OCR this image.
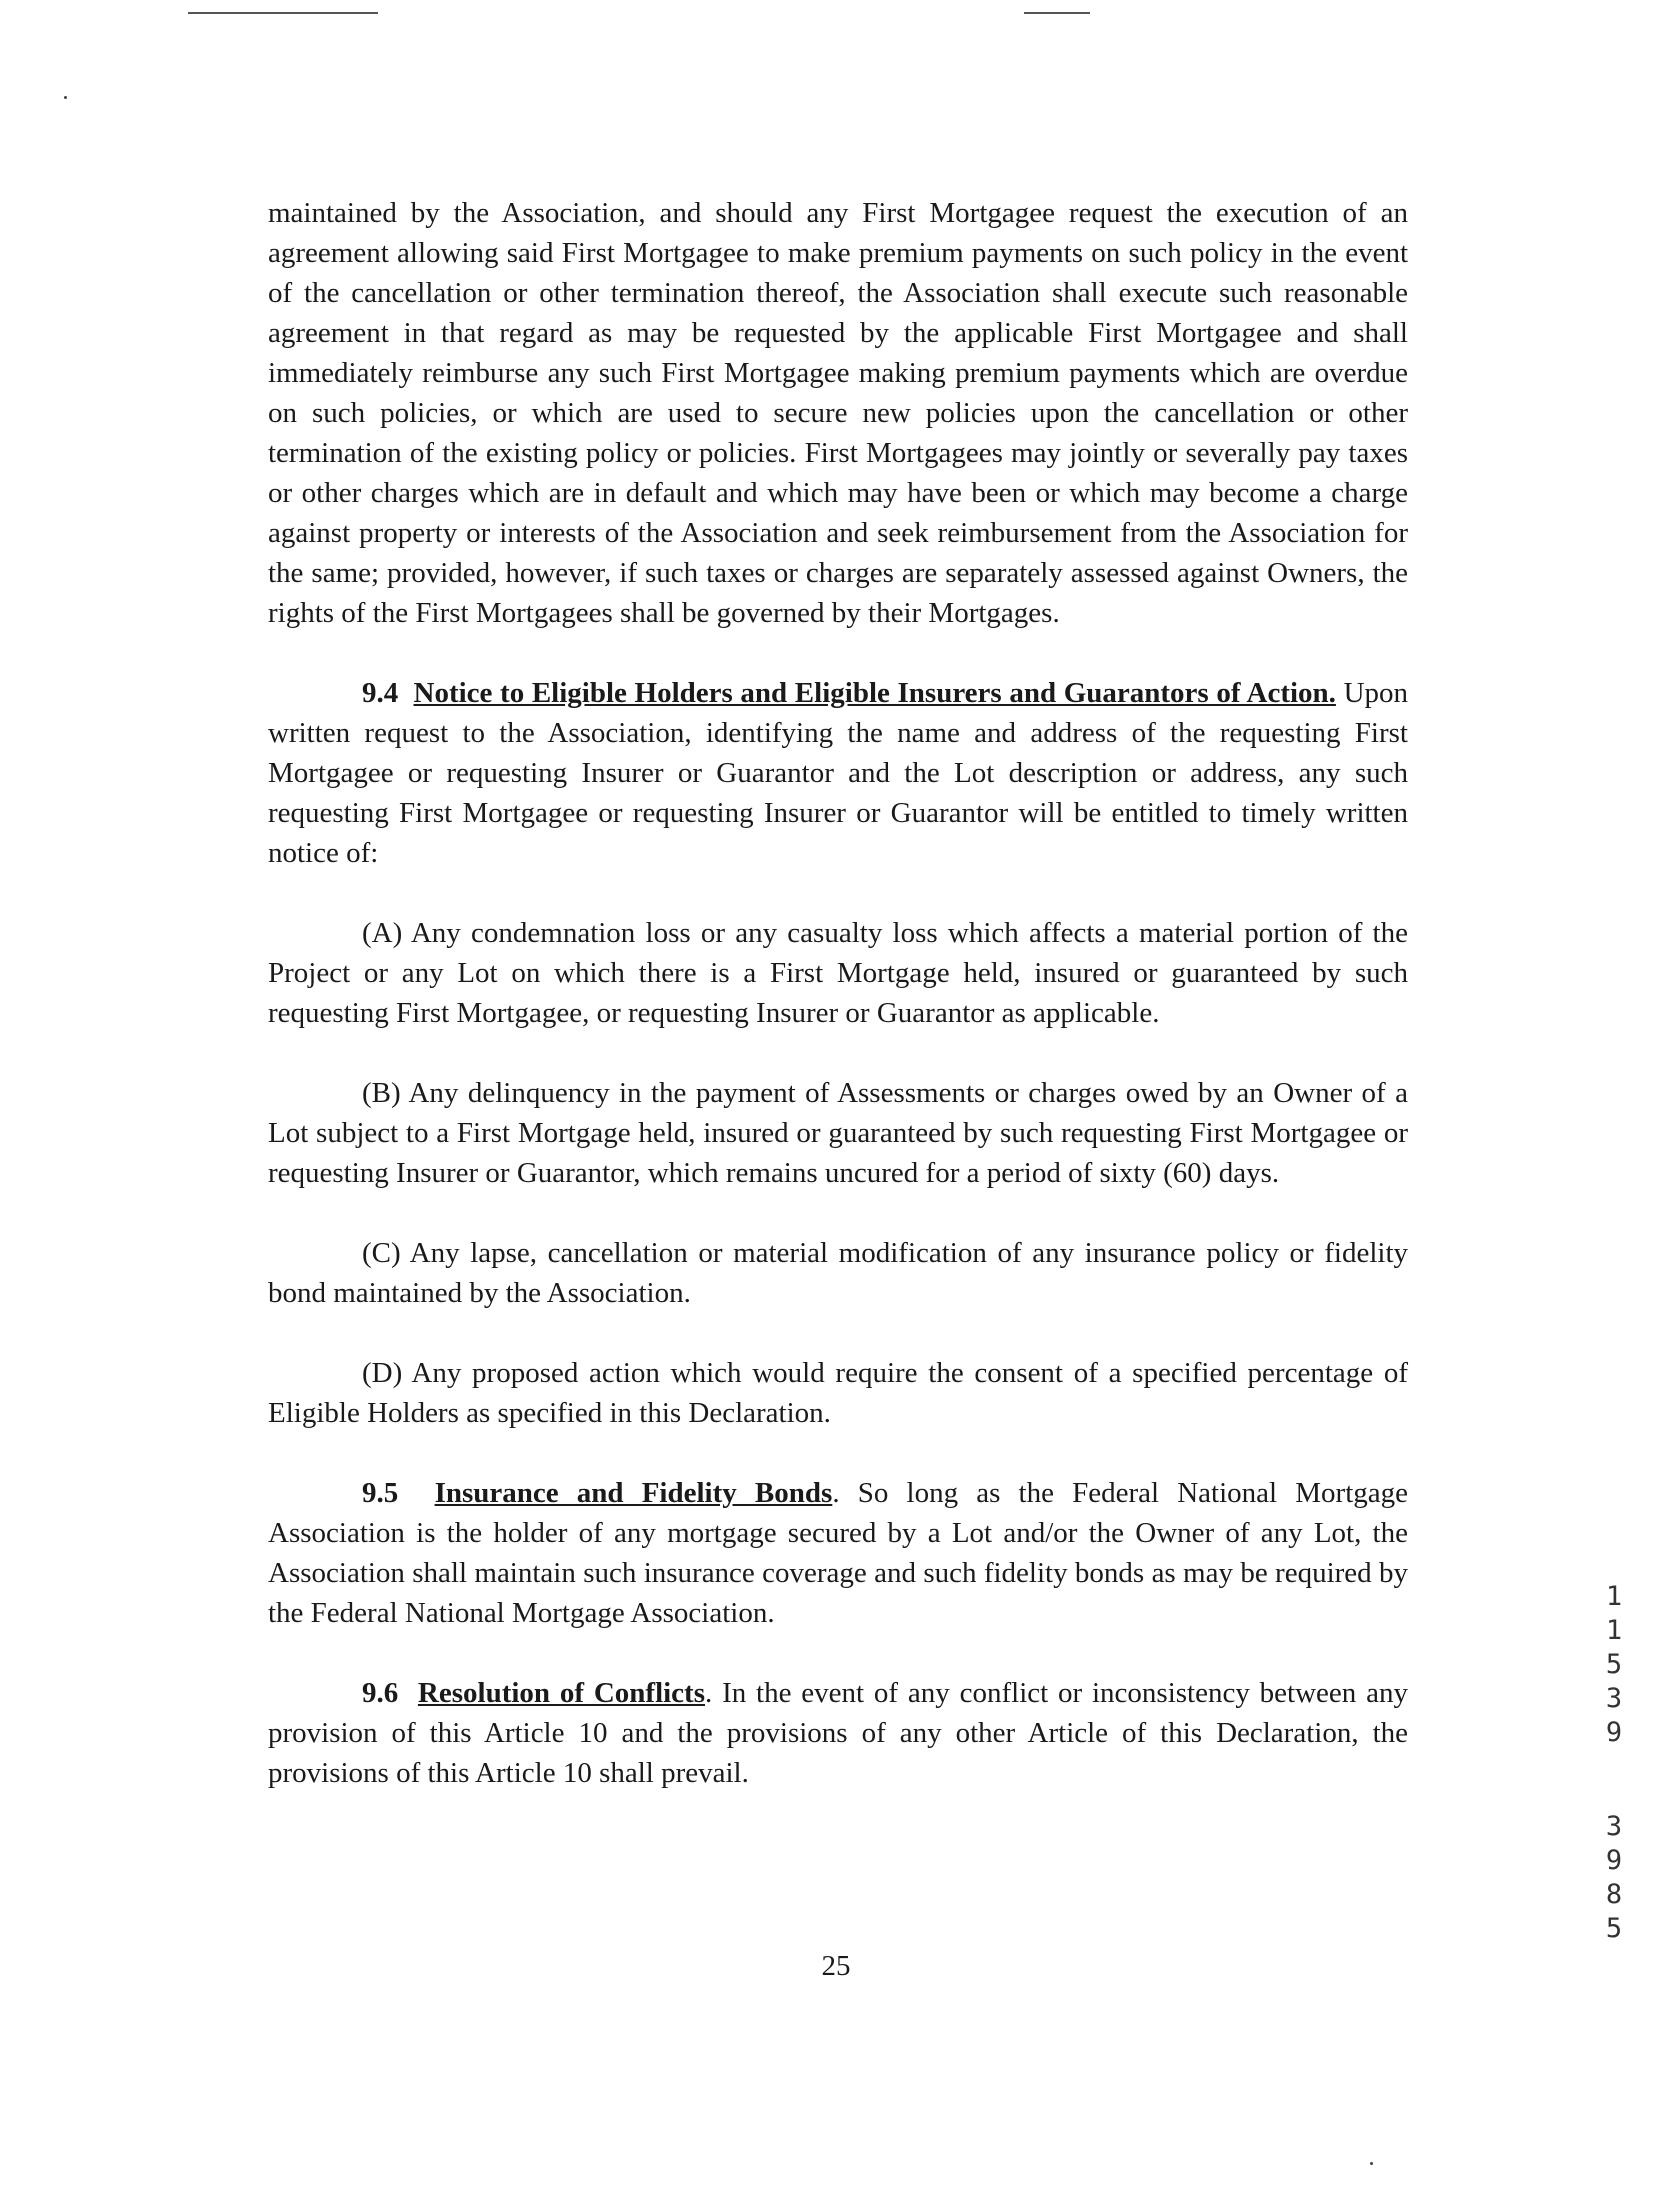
maintained by the Association, and should any First Mortgagee request the execution of an agreement allowing said First Mortgagee to make premium payments on such policy in the event of the cancellation or other termination thereof, the Association shall execute such reasonable agreement in that regard as may be requested by the applicable First Mortgagee and shall immediately reimburse any such First Mortgagee making premium payments which are overdue on such policies, or which are used to secure new policies upon the cancellation or other termination of the existing policy or policies. First Mortgagees may jointly or severally pay taxes or other charges which are in default and which may have been or which may become a charge against property or interests of the Association and seek reimbursement from the Association for the same; provided, however, if such taxes or charges are separately assessed against Owners, the rights of the First Mortgagees shall be governed by their Mortgages.

9.4 Notice to Eligible Holders and Eligible Insurers and Guarantors of Action. Upon written request to the Association, identifying the name and address of the requesting First Mortgagee or requesting Insurer or Guarantor and the Lot description or address, any such requesting First Mortgagee or requesting Insurer or Guarantor will be entitled to timely written notice of:

(A) Any condemnation loss or any casualty loss which affects a material portion of the Project or any Lot on which there is a First Mortgage held, insured or guaranteed by such requesting First Mortgagee, or requesting Insurer or Guarantor as applicable.

(B) Any delinquency in the payment of Assessments or charges owed by an Owner of a Lot subject to a First Mortgage held, insured or guaranteed by such requesting First Mortgagee or requesting Insurer or Guarantor, which remains uncured for a period of sixty (60) days.

(C) Any lapse, cancellation or material modification of any insurance policy or fidelity bond maintained by the Association.

(D) Any proposed action which would require the consent of a specified percentage of Eligible Holders as specified in this Declaration.

9.5 Insurance and Fidelity Bonds. So long as the Federal National Mortgage Association is the holder of any mortgage secured by a Lot and/or the Owner of any Lot, the Association shall maintain such insurance coverage and such fidelity bonds as may be required by the Federal National Mortgage Association.

9.6 Resolution of Conflicts. In the event of any conflict or inconsistency between any provision of this Article 10 and the provisions of any other Article of this Declaration, the provisions of this Article 10 shall prevail.

25
1
1
5
3
9
3
9
8
5
